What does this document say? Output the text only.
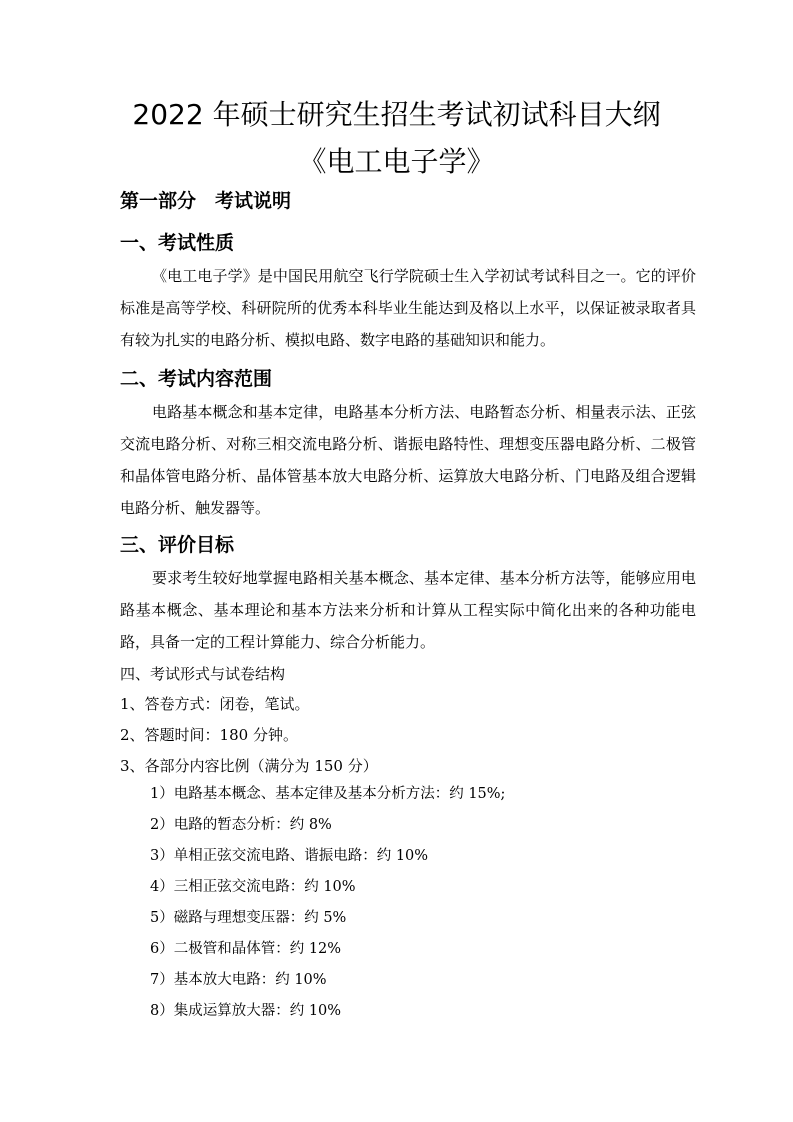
2022 年硕士研究生招生考试初试科目大纲
《电工电子学》
第一部分　考试说明
一、考试性质

《电工电子学》是中国民用航空飞行学院硕士生入学初试考试科目之一。它的评价标准是高等学校、科研院所的优秀本科毕业生能达到及格以上水平，以保证被录取者具有较为扎实的电路分析、模拟电路、数字电路的基础知识和能力。

二、考试内容范围

电路基本概念和基本定律，电路基本分析方法、电路暂态分析、相量表示法、正弦交流电路分析、对称三相交流电路分析、谐振电路特性、理想变压器电路分析、二极管和晶体管电路分析、晶体管基本放大电路分析、运算放大电路分析、门电路及组合逻辑电路分析、触发器等。

三、评价目标

要求考生较好地掌握电路相关基本概念、基本定律、基本分析方法等，能够应用电路基本概念、基本理论和基本方法来分析和计算从工程实际中简化出来的各种功能电路，具备一定的工程计算能力、综合分析能力。

四、考试形式与试卷结构
1、答卷方式：闭卷，笔试。
2、答题时间：180 分钟。
3、各部分内容比例（满分为 150 分）
1）电路基本概念、基本定律及基本分析方法：约 15%;
2）电路的暂态分析：约 8%
3）单相正弦交流电路、谐振电路：约 10%
4）三相正弦交流电路：约 10%
5）磁路与理想变压器：约 5%
6）二极管和晶体管：约 12%
7）基本放大电路：约 10%
8）集成运算放大器：约 10%
